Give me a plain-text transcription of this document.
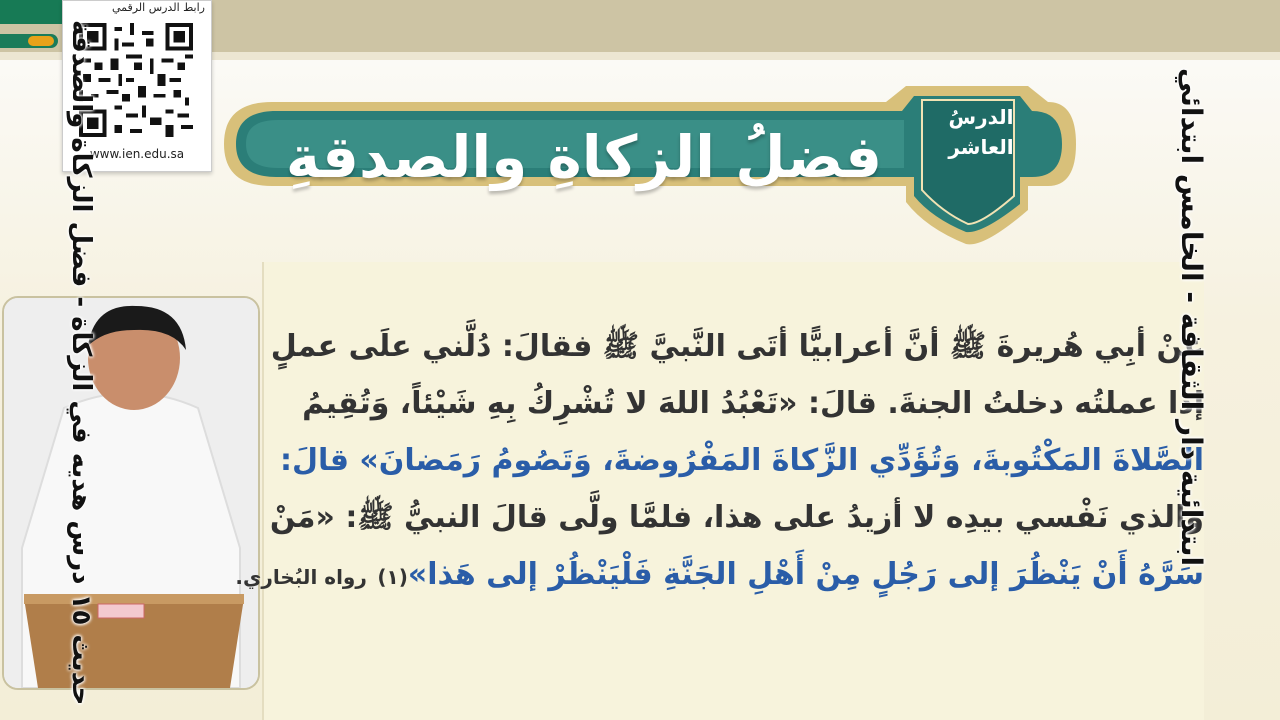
رابط الدرس الرقمي
www.ien.edu.sa	فضلُ الزكاةِ والصدقةِ
الدرسُ
العاشر
عنْ أبِي هُريرةَ ﷺ أنَّ أعرابيًّا أتَى النَّبيَّ ﷺ فقالَ: دُلَّني علَى عملٍ
إذا عملتُه دخلتُ الجنةَ. قالَ: «تَعْبُدُ اللهَ لا تُشْرِكُ بِهِ شَيْئاً، وَتُقِيمُ
الصَّلاةَ المَكْتُوبةَ، وَتُؤَدِّي الزَّكاةَ المَفْرُوضةَ، وَتَصُومُ رَمَضانَ» قالَ:
والذي نَفْسي بيدِه لا أزيدُ على هذا، فلمَّا ولَّى قالَ النبيُّ ﷺ: «مَنْ
سَرَّهُ أَنْ يَنْظُرَ إلى رَجُلٍ مِنْ أَهْلِ الجَنَّةِ فَلْيَنْظُرْ إلى هَذا»(١) رواه البُخاري.
حديث ١٥ درس هديه في الزكاة - فضل الزكاة والصدقة
ابتدائية دار الثقافة - الخامس ابتدائي
